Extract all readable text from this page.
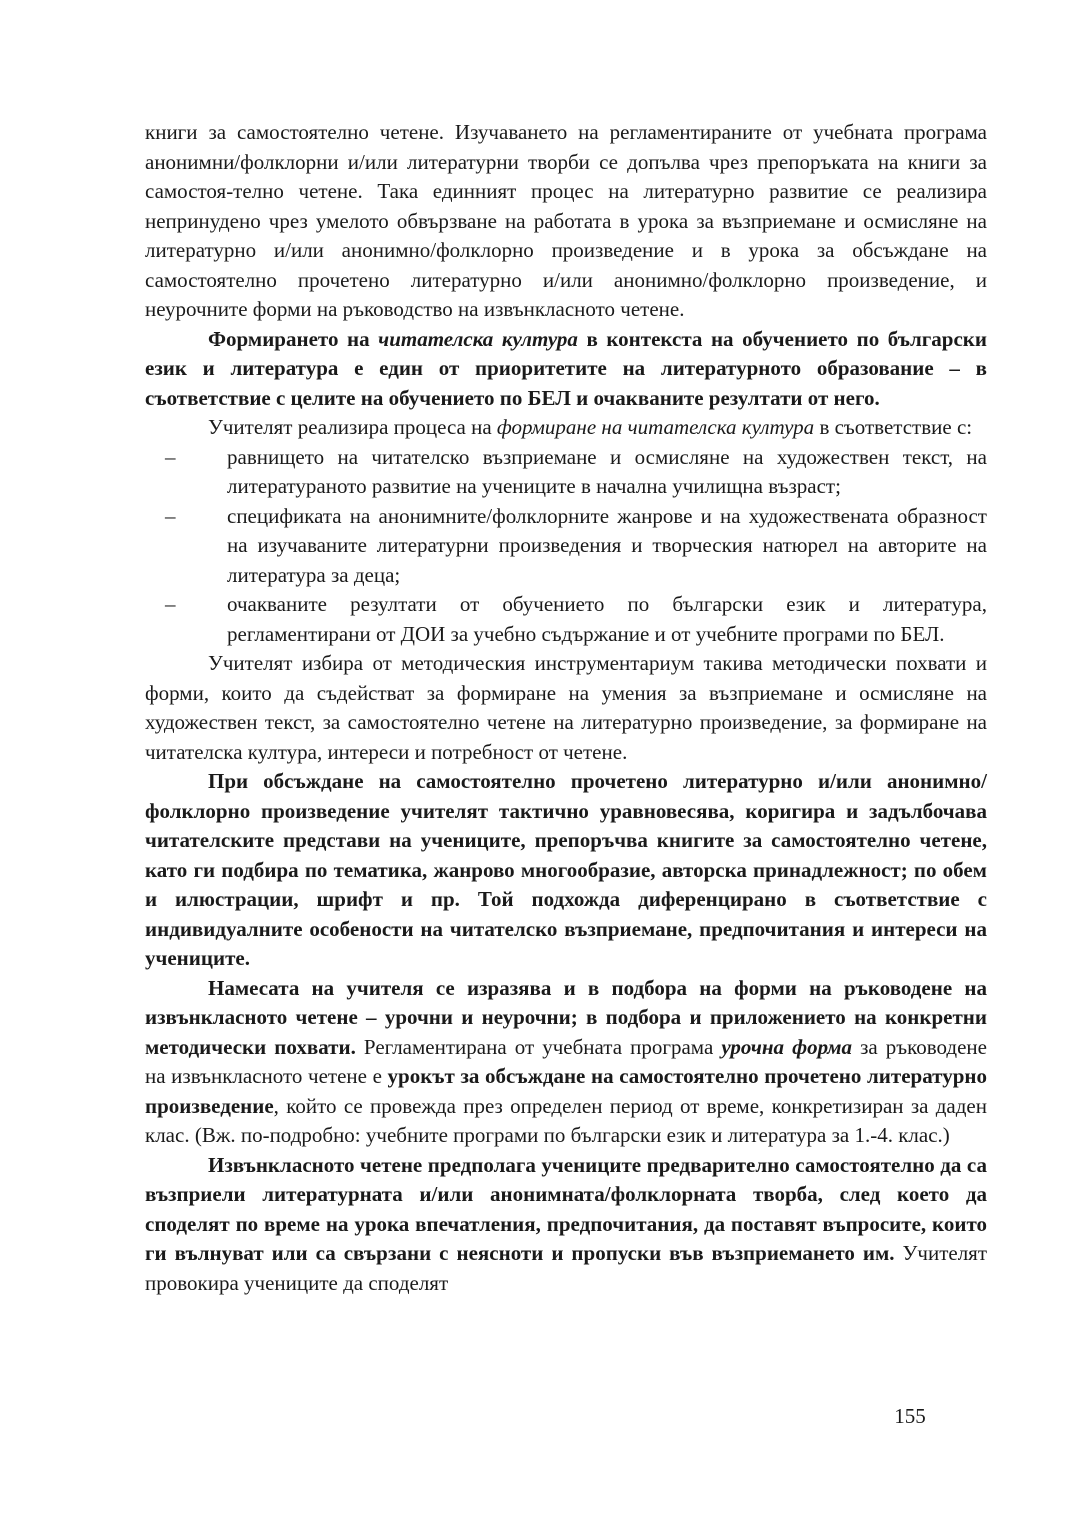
книги за самостоятелно четене. Изучаването на регламентираните от учебната програма анонимни/фолклорни и/или литературни творби се допълва чрез препоръката на книги за самостоя-телно четене. Така единният процес на литературно развитие се реализира непринудено чрез умелото обвързване на работата в урока за възприемане и осмисляне на литературно и/или анонимно/фолклорно произведение и в урока за обсъждане на самостоятелно прочетено литературно и/или анонимно/фолклорно произведение, и неурочните форми на ръководство на извънкласното четене.

Формирането на читателска култура в контекста на обучението по български език и литература е един от приоритетите на литературното образование – в съответствие с целите на обучението по БЕЛ и очакваните резултати от него.

Учителят реализира процеса на формиране на читателска култура в съответствие с:

– равнището на читателско възприемане и осмисляне на художествен текст, на литератураното развитие на учениците в начална училищна възраст;
– спецификата на анонимните/фолклорните жанрове и на художествената образност на изучаваните литературни произведения и творческия натюрел на авторите на литература за деца;
– очакваните резултати от обучението по български език и литература, регламентирани от ДОИ за учебно съдържание и от учебните програми по БЕЛ.

Учителят избира от методическия инструментариум такива методически похвати и форми, които да съдействат за формиране на умения за възприемане и осмисляне на художествен текст, за самостоятелно четене на литературно произведение, за формиране на читателска култура, интереси и потребност от четене.

При обсъждане на самостоятелно прочетено литературно и/или анонимно/фолклорно произведение учителят тактично уравновесява, коригира и задълбочава читателските представи на учениците, препоръчва книгите за самостоятелно четене, като ги подбира по тематика, жанрово многообразие, авторска принадлежност; по обем и илюстрации, шрифт и пр. Той подхожда диференцирано в съответствие с индивидуалните особености на читателско възприемане, предпочитания и интереси на учениците.

Намесата на учителя се изразява и в подбора на форми на ръководене на извънкласното четене – урочни и неурочни; в подбора и приложението на конкретни методически похвати. Регламентирана от учебната програма урочна форма за ръководене на извънкласното четене е урокът за обсъждане на самостоятелно прочетено литературно произведение, който се провежда през определен период от време, конкретизиран за даден клас. (Вж. по-подробно: учебните програми по български език и литература за 1.-4. клас.)

Извънкласното четене предполага учениците предварително самостоятелно да са възприели литературната и/или анонимната/фолклорната творба, след което да споделят по време на урока впечатления, предпочитания, да поставят въпросите, които ги вълнуват или са свързани с неясноти и пропуски във възприемането им. Учителят провокира учениците да споделят

155
